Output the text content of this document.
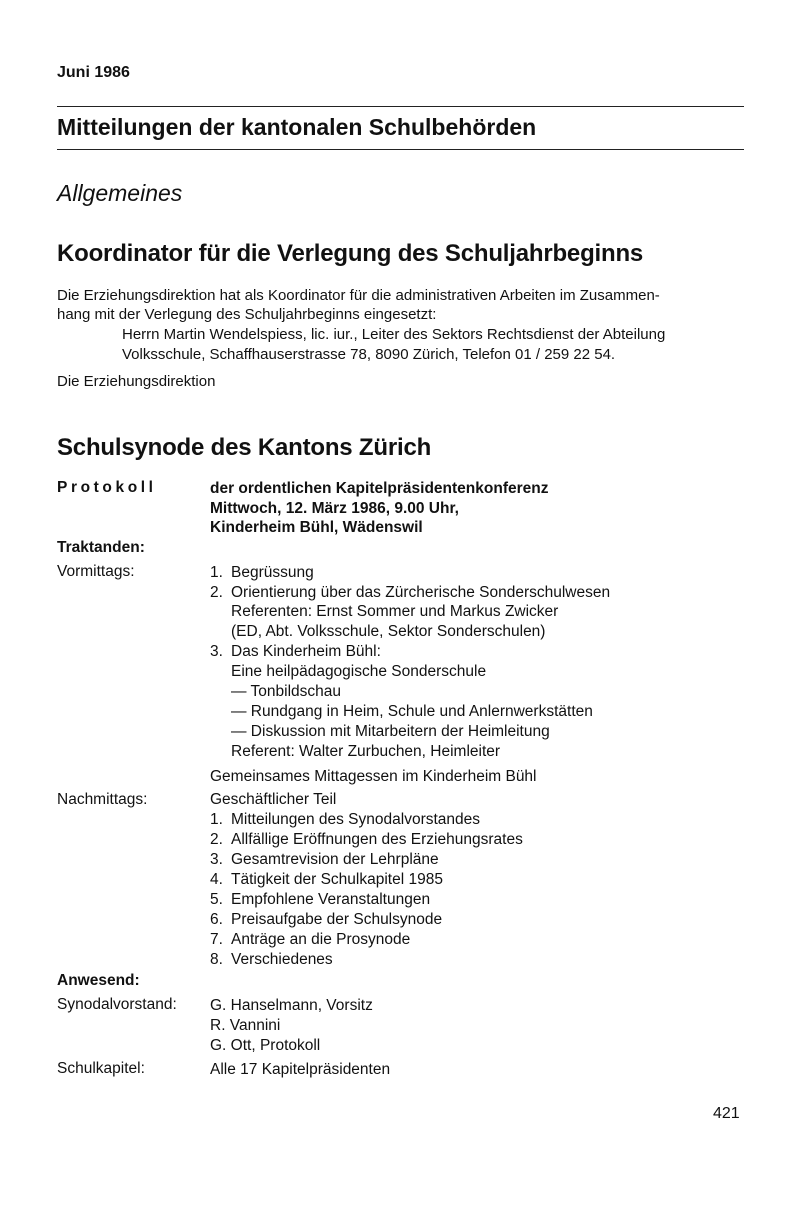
Juni 1986
Mitteilungen der kantonalen Schulbehörden
Allgemeines
Koordinator für die Verlegung des Schuljahrbeginns
Die Erziehungsdirektion hat als Koordinator für die administrativen Arbeiten im Zusammen-
hang mit der Verlegung des Schuljahrbeginns eingesetzt:
Herrn Martin Wendelspiess, lic. iur., Leiter des Sektors Rechtsdienst der Abteilung
Volksschule, Schaffhauserstrasse 78, 8090 Zürich, Telefon 01 / 259 22 54.
Die Erziehungsdirektion
Schulsynode des Kantons Zürich
Protokoll	der ordentlichen Kapitelpräsidentenkonferenz
Mittwoch, 12. März 1986, 9.00 Uhr,
Kinderheim Bühl, Wädenswil
Traktanden:
Vormittags:	1. Begrüssung
2. Orientierung über das Zürcherische Sonderschulwesen
Referenten: Ernst Sommer und Markus Zwicker
(ED, Abt. Volksschule, Sektor Sonderschulen)
3. Das Kinderheim Bühl:
Eine heilpädagogische Sonderschule
— Tonbildschau
— Rundgang in Heim, Schule und Anlernwerkstätten
— Diskussion mit Mitarbeitern der Heimleitung
Referent: Walter Zurbuchen, Heimleiter
Gemeinsames Mittagessen im Kinderheim Bühl
Nachmittags:	Geschäftlicher Teil
1. Mitteilungen des Synodalvorstandes
2. Allfällige Eröffnungen des Erziehungsrates
3. Gesamtrevision der Lehrpläne
4. Tätigkeit der Schulkapitel 1985
5. Empfohlene Veranstaltungen
6. Preisaufgabe der Schulsynode
7. Anträge an die Prosynode
8. Verschiedenes
Anwesend:
Synodalvorstand: G. Hanselmann, Vorsitz
R. Vannini
G. Ott, Protokoll
Schulkapitel:	Alle 17 Kapitelpräsidenten
421
